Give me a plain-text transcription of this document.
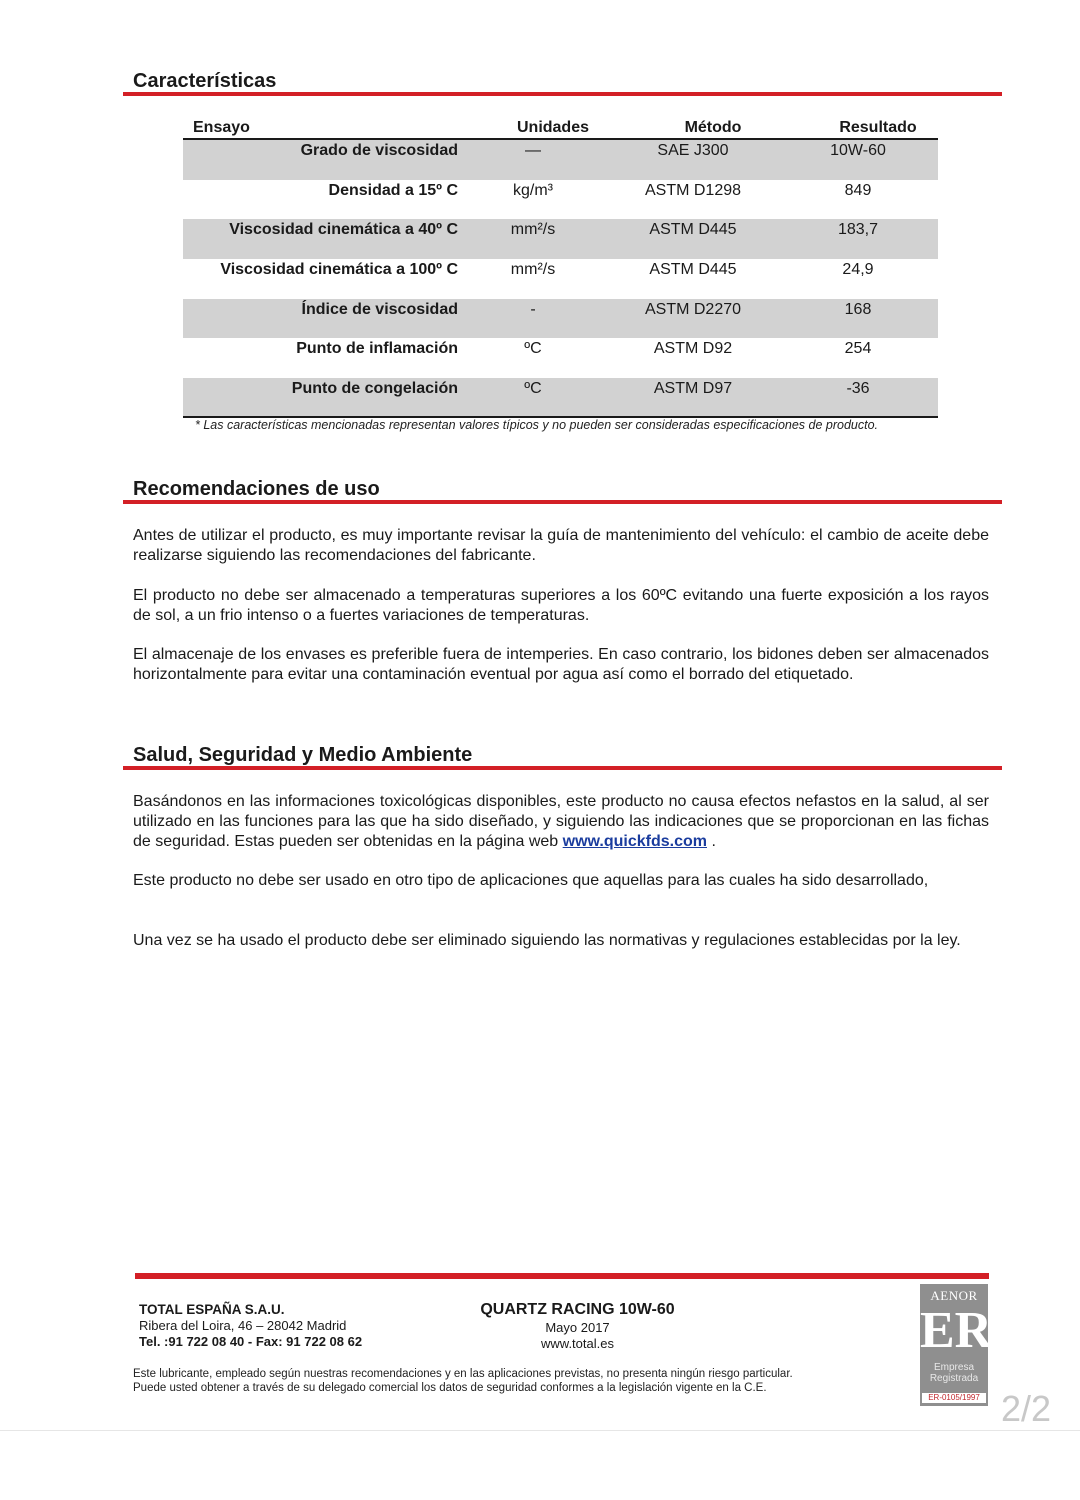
Características
Ensayo	Unidades	Método	Resultado
Grado de viscosidad	—	SAE J300	10W-60
Densidad a 15º C	kg/m³	ASTM D1298	849
Viscosidad cinemática a 40º C	mm²/s	ASTM D445	183,7
Viscosidad cinemática a 100º C	mm²/s	ASTM D445	24,9
Índice de viscosidad	-	ASTM D2270	168
Punto de inflamación	ºC	ASTM D92	254
Punto de congelación	ºC	ASTM D97	-36
* Las características mencionadas representan valores típicos y no pueden ser consideradas especificaciones de producto.
Recomendaciones de uso

Antes de utilizar el producto, es muy importante revisar la guía de mantenimiento del vehículo: el cambio de aceite debe realizarse siguiendo las recomendaciones del fabricante.

El producto no debe ser almacenado a temperaturas superiores a los 60ºC evitando una fuerte exposición a los rayos de sol, a un frio intenso o a fuertes variaciones de temperaturas.

El almacenaje de los envases es preferible fuera de intemperies. En caso contrario, los bidones deben ser almacenados horizontalmente para evitar una contaminación eventual por agua así como el borrado del etiquetado.

Salud, Seguridad y Medio Ambiente

Basándonos en las informaciones toxicológicas disponibles, este producto no causa efectos nefastos en la salud, al ser utilizado en las funciones para las que ha sido diseñado, y siguiendo las indicaciones que se proporcionan en las fichas de seguridad. Estas pueden ser obtenidas en la página web www.quickfds.com .

Este producto no debe ser usado en otro tipo de aplicaciones que aquellas para las cuales ha sido desarrollado,

Una vez se ha usado el producto debe ser eliminado siguiendo las normativas y regulaciones establecidas por la ley.

TOTAL ESPAÑA S.A.U.
Ribera del Loira, 46 – 28042 Madrid
Tel. :91 722 08 40 - Fax: 91 722 08 62
QUARTZ RACING 10W-60
Mayo 2017
www.total.es
Este lubricante, empleado según nuestras recomendaciones y en las aplicaciones previstas, no presenta ningún riesgo particular.
Puede usted obtener a través de su delegado comercial los datos de seguridad conformes a la legislación vigente en la C.E.
AENOR
ER
Empresa
Registrada
ER-0105/1997 2/2
